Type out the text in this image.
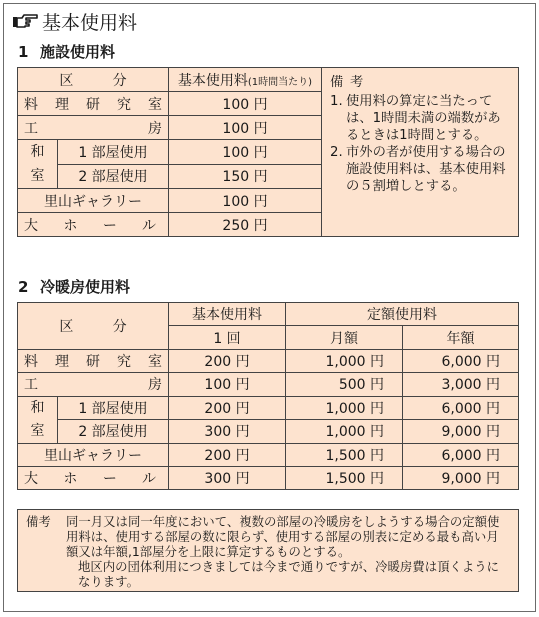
基本使用料
1 施設使用料
区　分		基本使用料(1時間当たり)	備考
1. 使用料の算定に当たっては、1時間未満の端数があるときは1時間とする。
2. 市外の者が使用する場合の施設使用料は、基本使用料の５割増しとする。

料理研究室		100 円	
工房		100 円	

和
室	1 部屋使用	100 円	
	2 部屋使用	150 円	
里山ギャラリー		100 円	
大ホール		250 円	
2 冷暖房使用料
区　分		基本使用料	定額使用料	
		1 回	月額	年額
料理研究室		200 円	1,000 円	6,000 円
工房		100 円	500 円	3,000 円

和
室	1 部屋使用	200 円	1,000 円	6,000 円
	2 部屋使用	300 円	1,000 円	9,000 円
里山ギャラリー		200 円	1,500 円	6,000 円
大ホール		300 円	1,500 円	9,000 円
備考	同一月又は同一年度において、複数の部屋の冷暖房をしようする場合の定額使用料は、使用する部屋の数に限らず、使用する部屋の別表に定める最も高い月額又は年額,1部屋分を上限に算定するものとする。
地区内の団体利用につきましては今まで通りですが、冷暖房費は頂くようになります。
